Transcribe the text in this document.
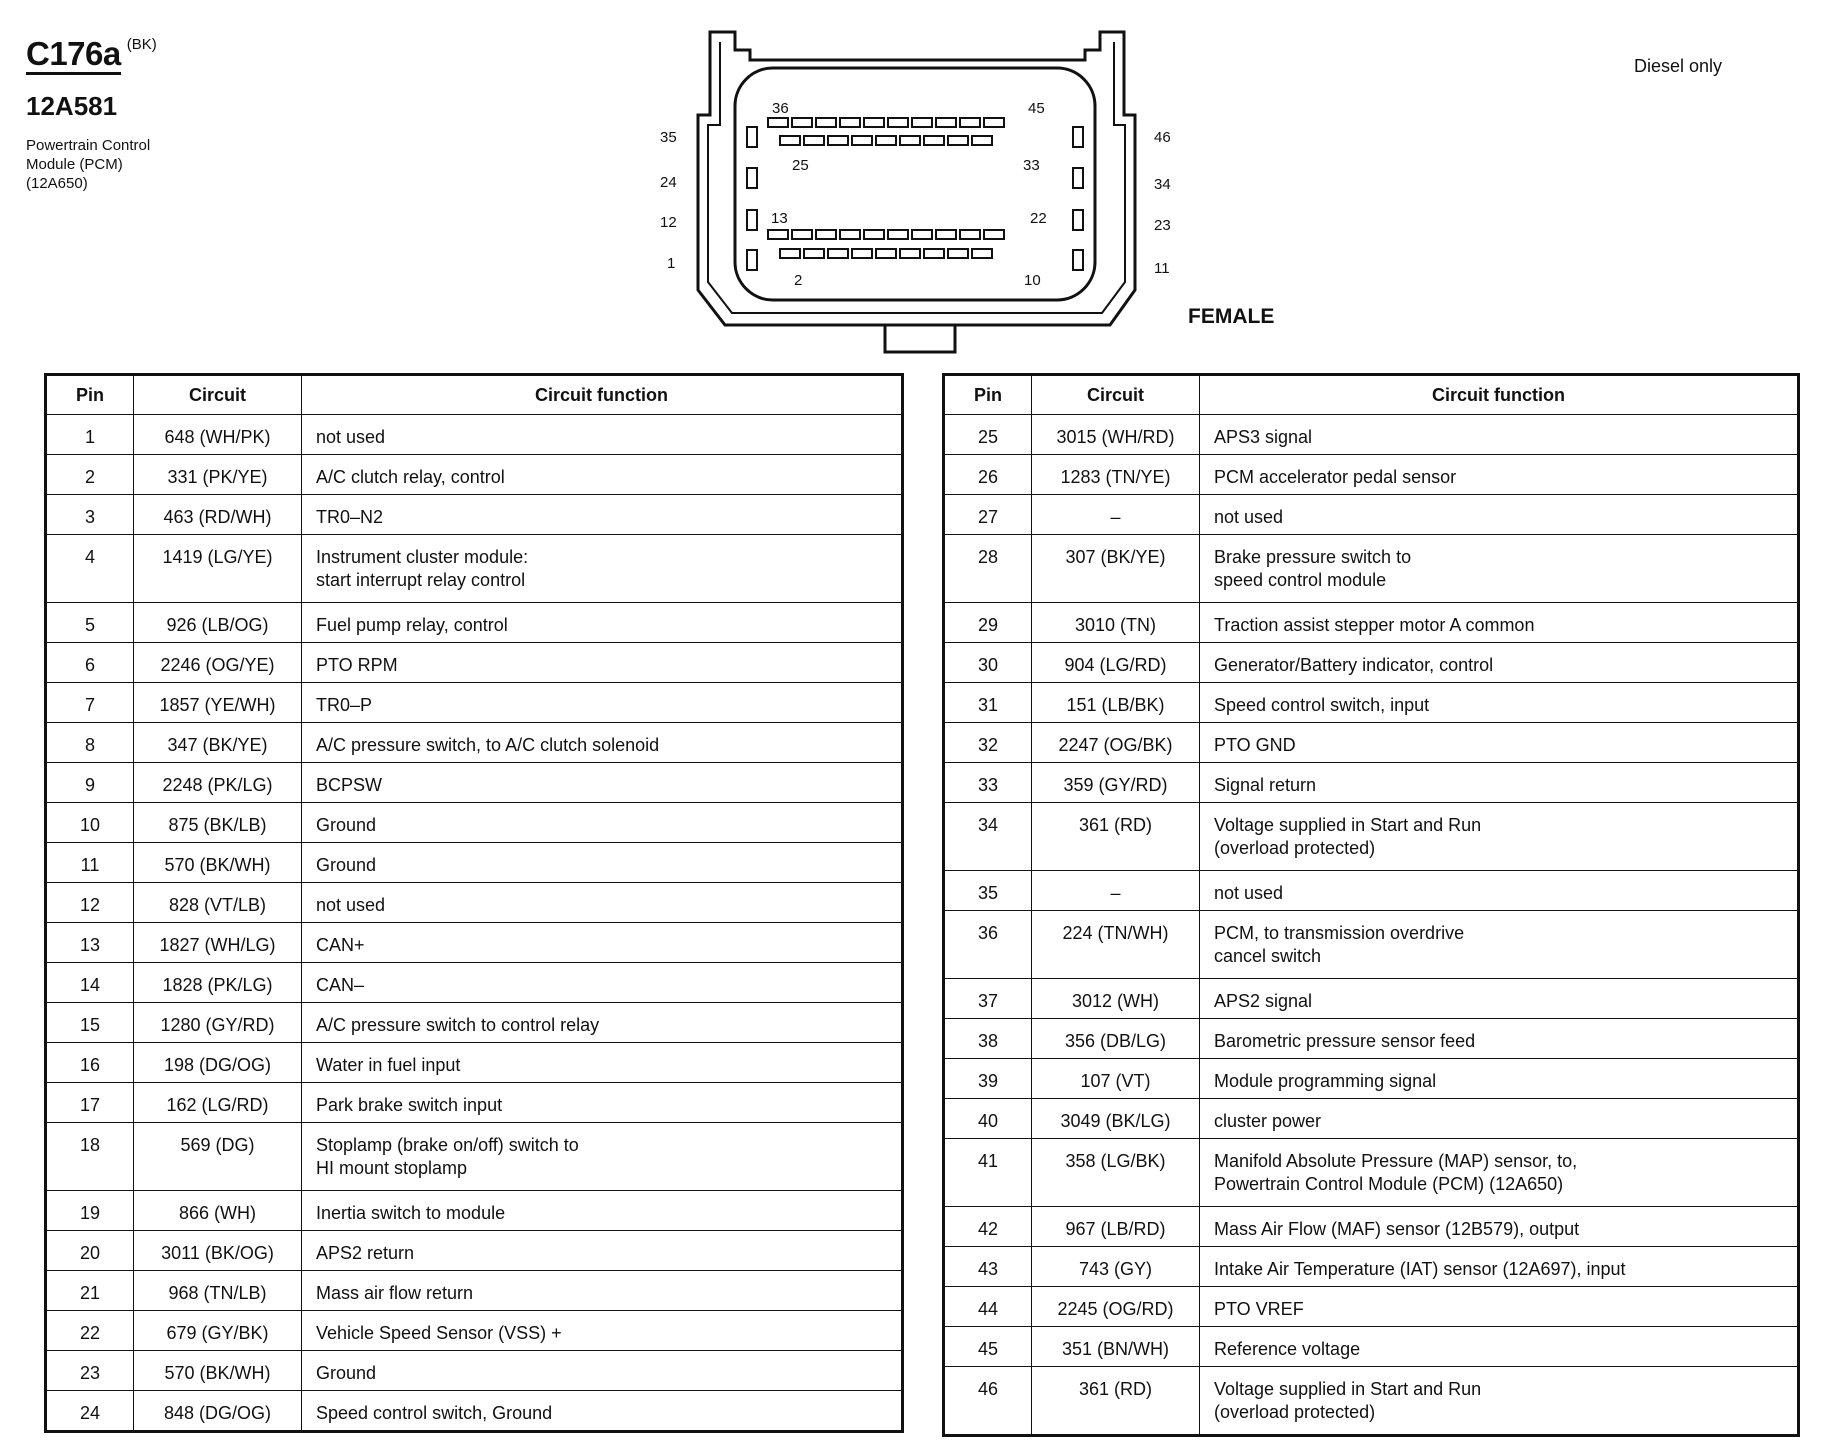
C176a (BK)
12A581
Powertrain Control
Module (PCM)
(12A650)
Diesel only
36	45
25	33
13	22
2	10
35
24
12
1
46
34
23
11
FEMALE
Pin	Circuit	Circuit function
1	648 (WH/PK)	not used
2	331 (PK/YE)	A/C clutch relay, control
3	463 (RD/WH)	TR0–N2
4	1419 (LG/YE)	Instrument cluster module:
start interrupt relay control
5	926 (LB/OG)	Fuel pump relay, control
6	2246 (OG/YE)	PTO RPM
7	1857 (YE/WH)	TR0–P
8	347 (BK/YE)	A/C pressure switch, to A/C clutch solenoid
9	2248 (PK/LG)	BCPSW
10	875 (BK/LB)	Ground
11	570 (BK/WH)	Ground
12	828 (VT/LB)	not used
13	1827 (WH/LG)	CAN+
14	1828 (PK/LG)	CAN–
15	1280 (GY/RD)	A/C pressure switch to control relay
16	198 (DG/OG)	Water in fuel input
17	162 (LG/RD)	Park brake switch input
18	569 (DG)	Stoplamp (brake on/off) switch to
HI mount stoplamp
19	866 (WH)	Inertia switch to module
20	3011 (BK/OG)	APS2 return
21	968 (TN/LB)	Mass air flow return
22	679 (GY/BK)	Vehicle Speed Sensor (VSS) +
23	570 (BK/WH)	Ground
24	848 (DG/OG)	Speed control switch, Ground
Pin	Circuit	Circuit function
25	3015 (WH/RD)	APS3 signal
26	1283 (TN/YE)	PCM accelerator pedal sensor
27	–	not used
28	307 (BK/YE)	Brake pressure switch to
speed control module
29	3010 (TN)	Traction assist stepper motor A common
30	904 (LG/RD)	Generator/Battery indicator, control
31	151 (LB/BK)	Speed control switch, input
32	2247 (OG/BK)	PTO GND
33	359 (GY/RD)	Signal return
34	361 (RD)	Voltage supplied in Start and Run
(overload protected)
35	–	not used
36	224 (TN/WH)	PCM, to transmission overdrive
cancel switch
37	3012 (WH)	APS2 signal
38	356 (DB/LG)	Barometric pressure sensor feed
39	107 (VT)	Module programming signal
40	3049 (BK/LG)	cluster power
41	358 (LG/BK)	Manifold Absolute Pressure (MAP) sensor, to,
Powertrain Control Module (PCM) (12A650)
42	967 (LB/RD)	Mass Air Flow (MAF) sensor (12B579), output
43	743 (GY)	Intake Air Temperature (IAT) sensor (12A697), input
44	2245 (OG/RD)	PTO VREF
45	351 (BN/WH)	Reference voltage
46	361 (RD)	Voltage supplied in Start and Run
(overload protected)
